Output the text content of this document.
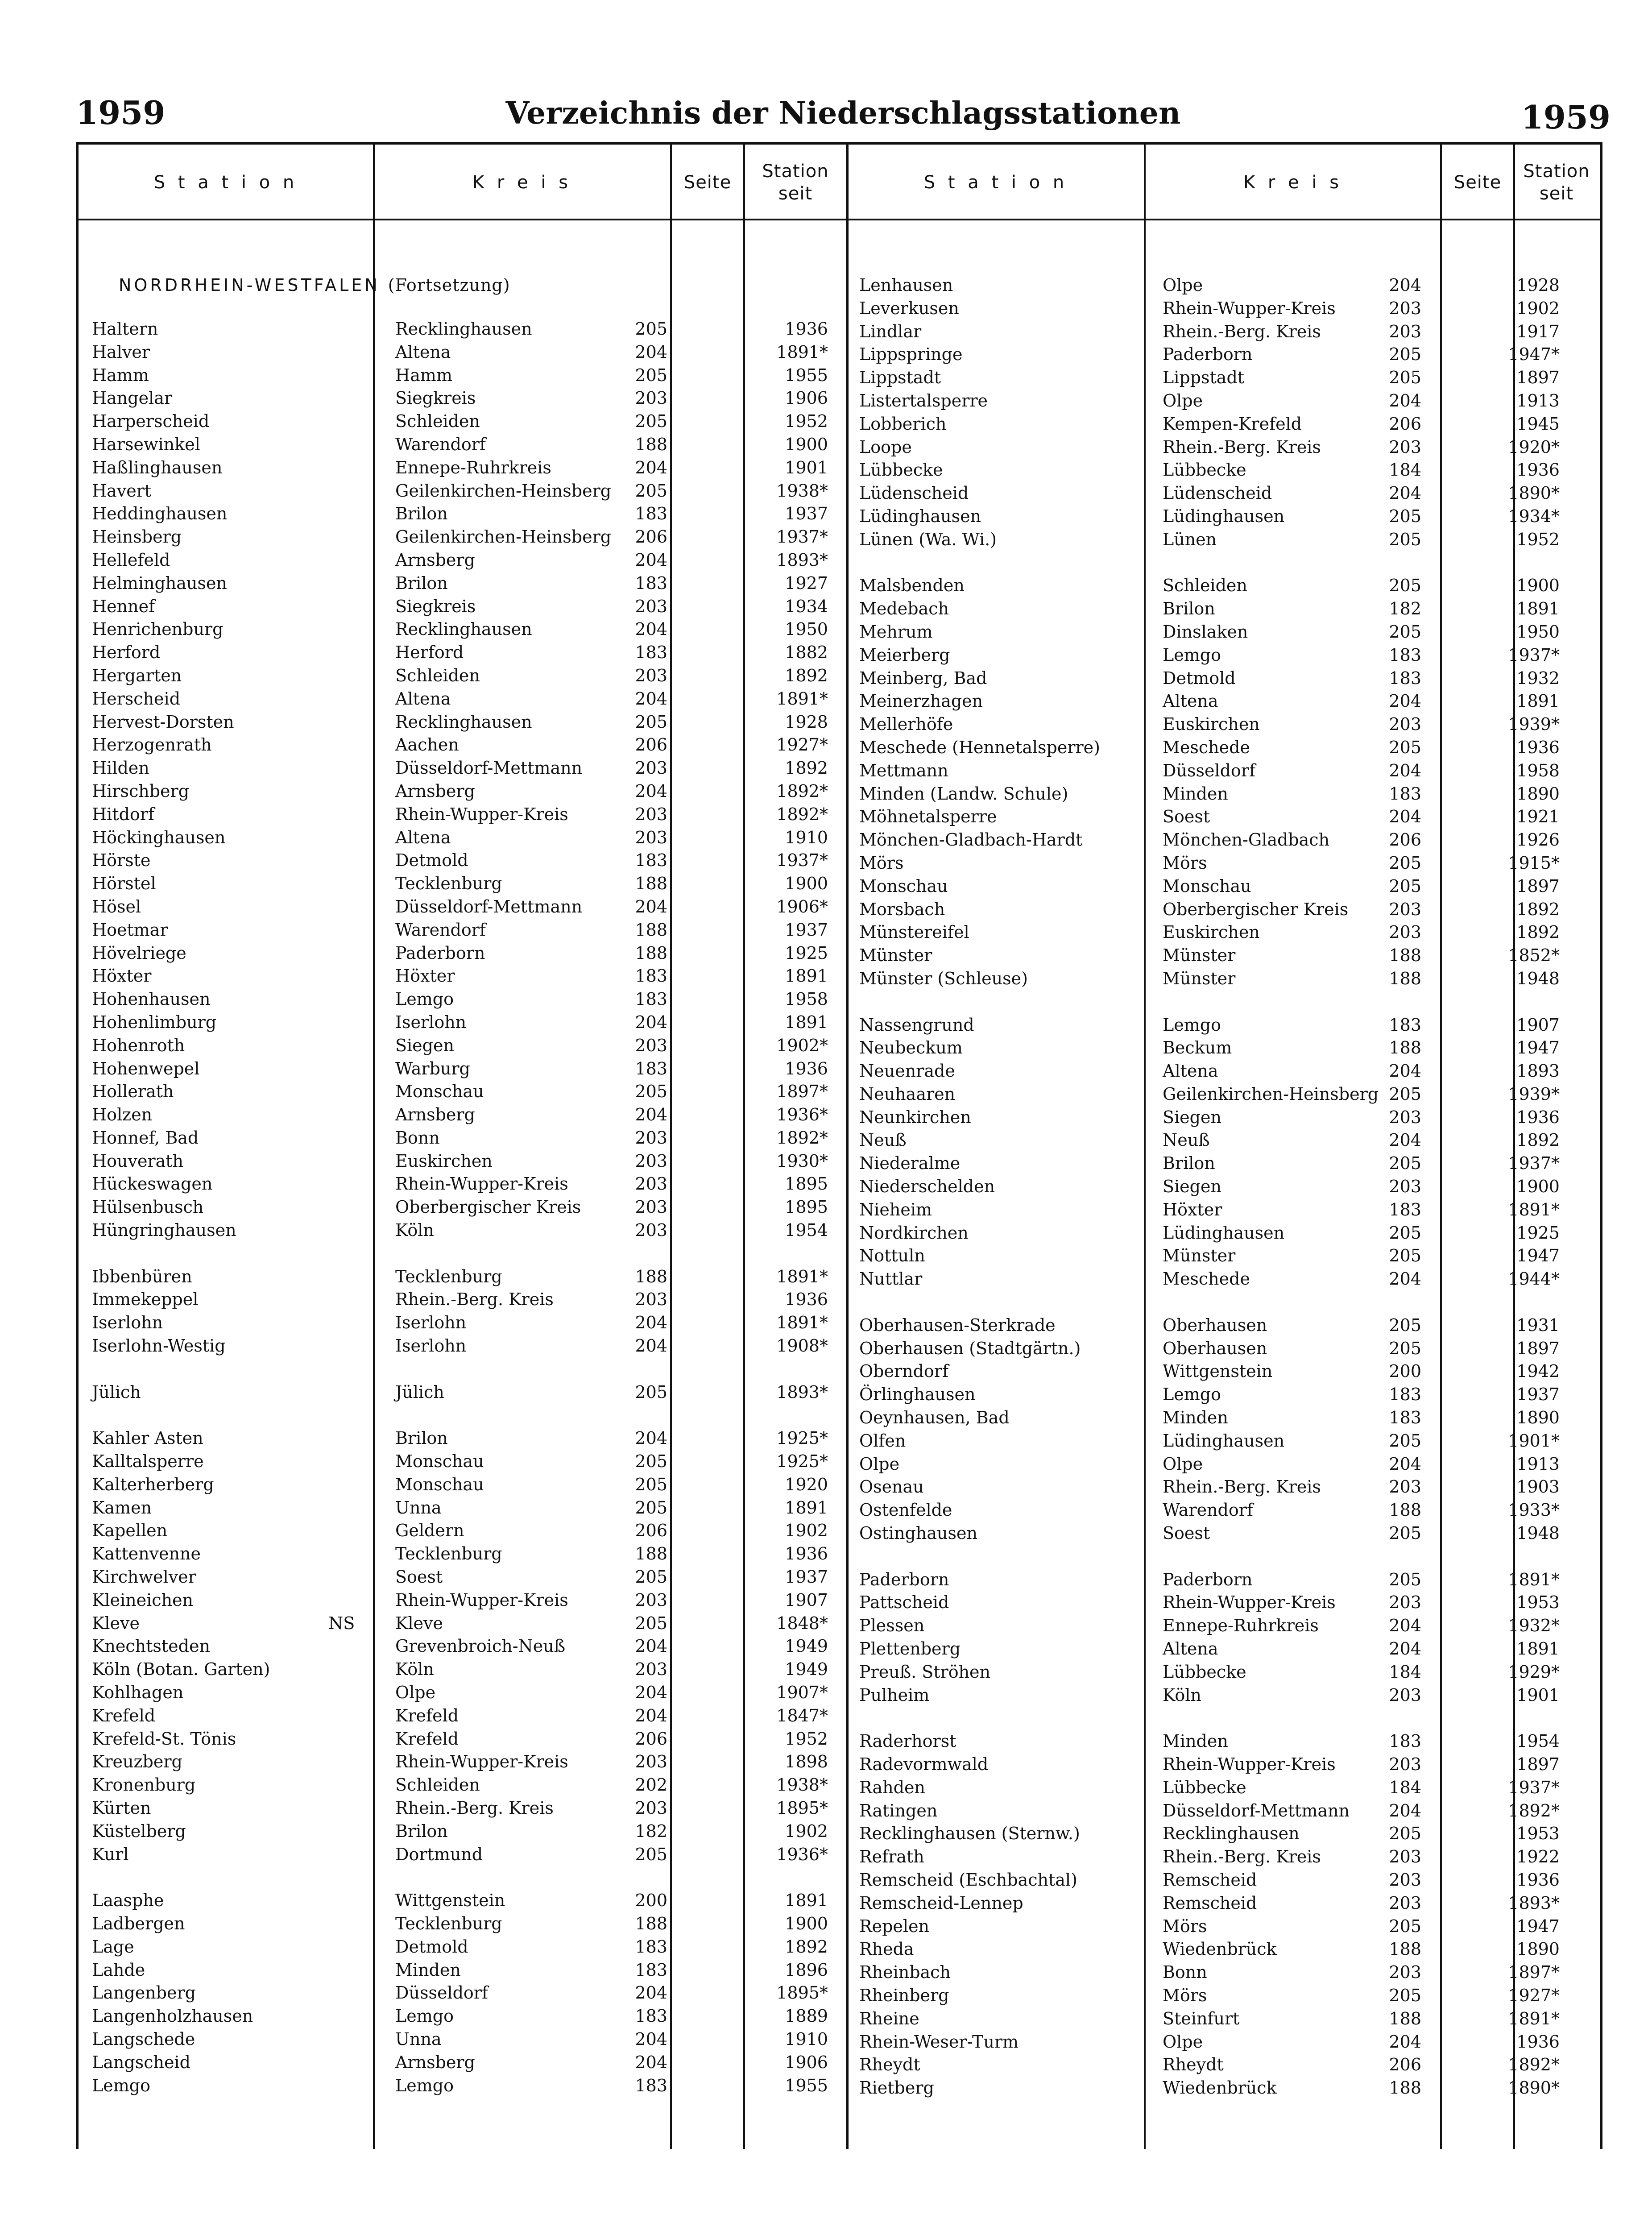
1959	Verzeichnis der Niederschlagsstationen	1959
S t a t i o n	K r e i s	Seite
Station
seit
S t a t i o n	K r e i s	Seite
Station
seit
NORDRHEIN-WESTFALEN (Fortsetzung)
Haltern	Recklinghausen	205	1936
Halver	Altena	204	1891*
Hamm	Hamm	205	1955
Hangelar	Siegkreis	203	1906
Harperscheid	Schleiden	205	1952
Harsewinkel	Warendorf	188	1900
Haßlinghausen	Ennepe-Ruhrkreis	204	1901
Havert	Geilenkirchen-Heinsberg	205	1938*
Heddinghausen	Brilon	183	1937
Heinsberg	Geilenkirchen-Heinsberg	206	1937*
Hellefeld	Arnsberg	204	1893*
Helminghausen	Brilon	183	1927
Hennef	Siegkreis	203	1934
Henrichenburg	Recklinghausen	204	1950
Herford	Herford	183	1882
Hergarten	Schleiden	203	1892
Herscheid	Altena	204	1891*
Hervest-Dorsten	Recklinghausen	205	1928
Herzogenrath	Aachen	206	1927*
Hilden	Düsseldorf-Mettmann	203	1892
Hirschberg	Arnsberg	204	1892*
Hitdorf	Rhein-Wupper-Kreis	203	1892*
Höckinghausen	Altena	203	1910
Hörste	Detmold	183	1937*
Hörstel	Tecklenburg	188	1900
Hösel	Düsseldorf-Mettmann	204	1906*
Hoetmar	Warendorf	188	1937
Hövelriege	Paderborn	188	1925
Höxter	Höxter	183	1891
Hohenhausen	Lemgo	183	1958
Hohenlimburg	Iserlohn	204	1891
Hohenroth	Siegen	203	1902*
Hohenwepel	Warburg	183	1936
Hollerath	Monschau	205	1897*
Holzen	Arnsberg	204	1936*
Honnef, Bad	Bonn	203	1892*
Houverath	Euskirchen	203	1930*
Hückeswagen	Rhein-Wupper-Kreis	203	1895
Hülsenbusch	Oberbergischer Kreis	203	1895
Hüngringhausen	Köln	203	1954
Ibbenbüren	Tecklenburg	188	1891*
Immekeppel	Rhein.-Berg. Kreis	203	1936
Iserlohn	Iserlohn	204	1891*
Iserlohn-Westig	Iserlohn	204	1908*
Jülich	Jülich	205	1893*
Kahler Asten	Brilon	204	1925*
Kalltalsperre	Monschau	205	1925*
Kalterherberg	Monschau	205	1920
Kamen	Unna	205	1891
Kapellen	Geldern	206	1902
Kattenvenne	Tecklenburg	188	1936
Kirchwelver	Soest	205	1937
Kleineichen	Rhein-Wupper-Kreis	203	1907
Kleve	NS Kleve	205	1848*
Knechtsteden	Grevenbroich-Neuß	204	1949
Köln (Botan. Garten)	Köln	203	1949
Kohlhagen	Olpe	204	1907*
Krefeld	Krefeld	204	1847*
Krefeld-St. Tönis	Krefeld	206	1952
Kreuzberg	Rhein-Wupper-Kreis	203	1898
Kronenburg	Schleiden	202	1938*
Kürten	Rhein.-Berg. Kreis	203	1895*
Küstelberg	Brilon	182	1902
Kurl	Dortmund	205	1936*
Laasphe	Wittgenstein	200	1891
Ladbergen	Tecklenburg	188	1900
Lage	Detmold	183	1892
Lahde	Minden	183	1896
Langenberg	Düsseldorf	204	1895*
Langenholzhausen	Lemgo	183	1889
Langschede	Unna	204	1910
Langscheid	Arnsberg	204	1906
Lemgo	Lemgo	183	1955
Lenhausen	Olpe	204	1928
Leverkusen	Rhein-Wupper-Kreis	203	1902
Lindlar	Rhein.-Berg. Kreis	203	1917
Lippspringe	Paderborn	205	1947*
Lippstadt	Lippstadt	205	1897
Listertalsperre	Olpe	204	1913
Lobberich	Kempen-Krefeld	206	1945
Loope	Rhein.-Berg. Kreis	203	1920*
Lübbecke	Lübbecke	184	1936
Lüdenscheid	Lüdenscheid	204	1890*
Lüdinghausen	Lüdinghausen	205	1934*
Lünen (Wa. Wi.)	Lünen	205	1952
Malsbenden	Schleiden	205	1900
Medebach	Brilon	182	1891
Mehrum	Dinslaken	205	1950
Meierberg	Lemgo	183	1937*
Meinberg, Bad	Detmold	183	1932
Meinerzhagen	Altena	204	1891
Mellerhöfe	Euskirchen	203	1939*
Meschede (Hennetalsperre)	Meschede	205	1936
Mettmann	Düsseldorf	204	1958
Minden (Landw. Schule)	Minden	183	1890
Möhnetalsperre	Soest	204	1921
Mönchen-Gladbach-Hardt	Mönchen-Gladbach	206	1926
Mörs	Mörs	205	1915*
Monschau	Monschau	205	1897
Morsbach	Oberbergischer Kreis	203	1892
Münstereifel	Euskirchen	203	1892
Münster	Münster	188	1852*
Münster (Schleuse)	Münster	188	1948
Nassengrund	Lemgo	183	1907
Neubeckum	Beckum	188	1947
Neuenrade	Altena	204	1893
Neuhaaren	Geilenkirchen-Heinsberg 205	1939*
Neunkirchen	Siegen	203	1936
Neuß	Neuß	204	1892
Niederalme	Brilon	205	1937*
Niederschelden	Siegen	203	1900
Nieheim	Höxter	183	1891*
Nordkirchen	Lüdinghausen	205	1925
Nottuln	Münster	205	1947
Nuttlar	Meschede	204	1944*
Oberhausen-Sterkrade	Oberhausen	205	1931
Oberhausen (Stadtgärtn.)	Oberhausen	205	1897
Oberndorf	Wittgenstein	200	1942
Örlinghausen	Lemgo	183	1937
Oeynhausen, Bad	Minden	183	1890
Olfen	Lüdinghausen	205	1901*
Olpe	Olpe	204	1913
Osenau	Rhein.-Berg. Kreis	203	1903
Ostenfelde	Warendorf	188	1933*
Ostinghausen	Soest	205	1948
Paderborn	Paderborn	205	1891*
Pattscheid	Rhein-Wupper-Kreis	203	1953
Plessen	Ennepe-Ruhrkreis	204	1932*
Plettenberg	Altena	204	1891
Preuß. Ströhen	Lübbecke	184	1929*
Pulheim	Köln	203	1901
Raderhorst	Minden	183	1954
Radevormwald	Rhein-Wupper-Kreis	203	1897
Rahden	Lübbecke	184	1937*
Ratingen	Düsseldorf-Mettmann	204	1892*
Recklinghausen (Sternw.)	Recklinghausen	205	1953
Refrath	Rhein.-Berg. Kreis	203	1922
Remscheid (Eschbachtal)	Remscheid	203	1936
Remscheid-Lennep	Remscheid	203	1893*
Repelen	Mörs	205	1947
Rheda	Wiedenbrück	188	1890
Rheinbach	Bonn	203	1897*
Rheinberg	Mörs	205	1927*
Rheine	Steinfurt	188	1891*
Rhein-Weser-Turm	Olpe	204	1936
Rheydt	Rheydt	206	1892*
Rietberg	Wiedenbrück	188	1890*
